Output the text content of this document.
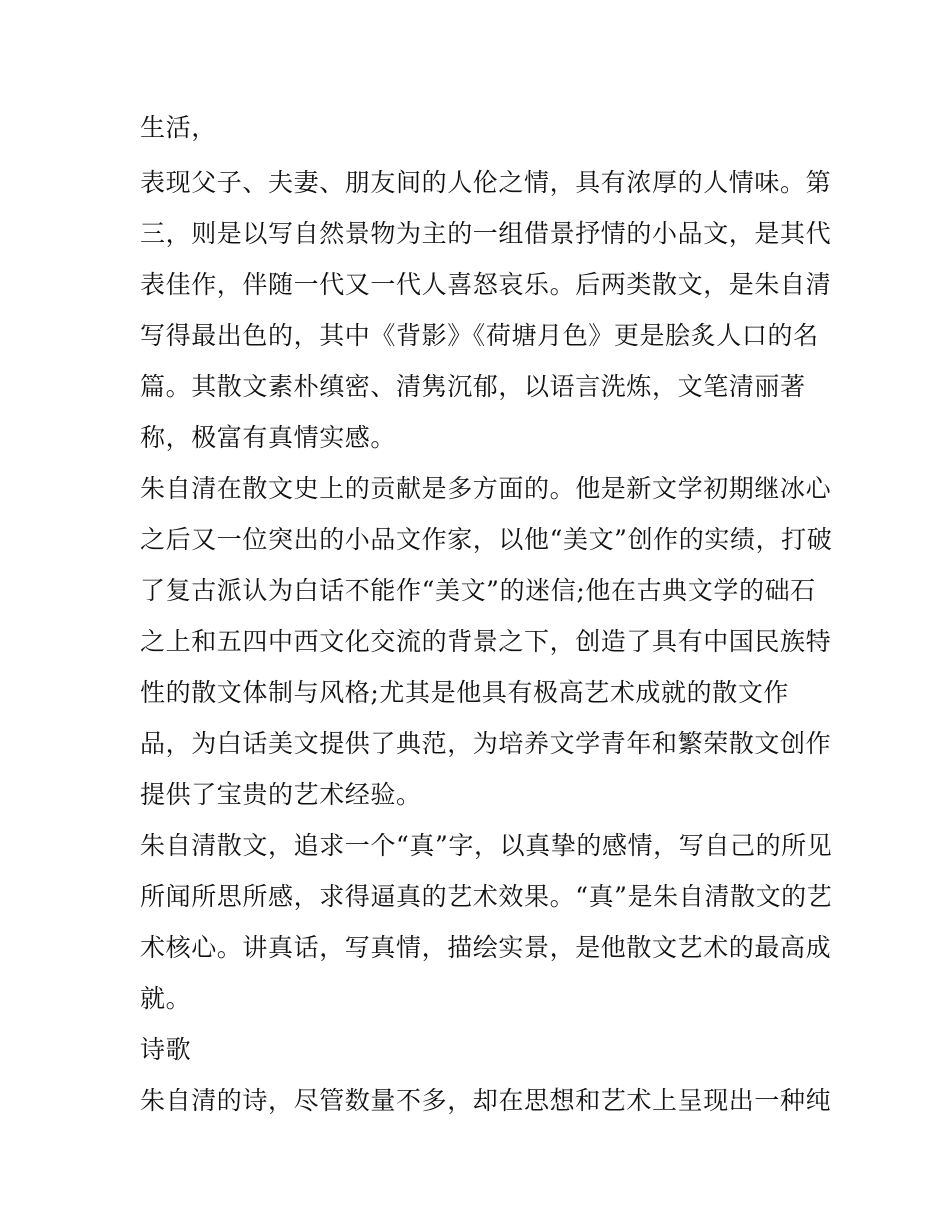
生活，
表现父子、夫妻、朋友间的人伦之情，具有浓厚的人情味。第
三，则是以写自然景物为主的一组借景抒情的小品文，是其代
表佳作，伴随一代又一代人喜怒哀乐。后两类散文，是朱自清
写得最出色的，其中《背影》《荷塘月色》更是脍炙人口的名
篇。其散文素朴缜密、清隽沉郁，以语言洗炼，文笔清丽著
称，极富有真情实感。
朱自清在散文史上的贡献是多方面的。他是新文学初期继冰心
之后又一位突出的小品文作家，以他“美文”创作的实绩，打破
了复古派认为白话不能作“美文”的迷信;他在古典文学的础石
之上和五四中西文化交流的背景之下，创造了具有中国民族特
性的散文体制与风格;尤其是他具有极高艺术成就的散文作
品，为白话美文提供了典范，为培养文学青年和繁荣散文创作
提供了宝贵的艺术经验。
朱自清散文，追求一个“真”字，以真挚的感情，写自己的所见
所闻所思所感，求得逼真的艺术效果。“真”是朱自清散文的艺
术核心。讲真话，写真情，描绘实景，是他散文艺术的最高成
就。
诗歌
朱自清的诗，尽管数量不多，却在思想和艺术上呈现出一种纯
